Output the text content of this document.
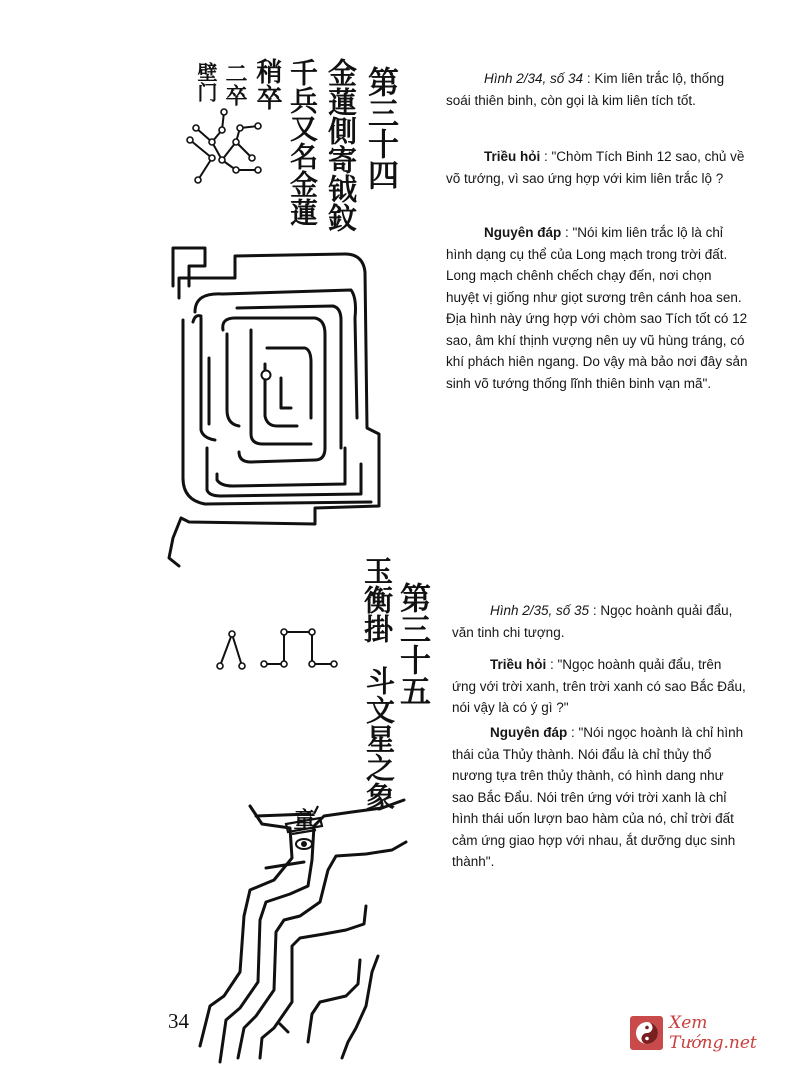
第三十四
金蓮側寄钺鈫
千兵又名金蓮
稍卒
二卒
壁门	Hình 2/34, số 34 : Kim liên trắc lộ, thống soái thiên binh, còn gọi là kim liên tích tốt.

Triều hỏi : "Chòm Tích Binh 12 sao, chủ về võ tướng, vì sao ứng hợp với kim liên trắc lộ ?

Nguyên đáp : "Nói kim liên trắc lộ là chỉ hình dạng cụ thể của Long mạch trong trời đất. Long mạch chênh chếch chạy đến, nơi chọn huyệt vị giống như giọt sương trên cánh hoa sen. Địa hình này ứng hợp với chòm sao Tích tốt có 12 sao, âm khí thịnh vượng nên uy vũ hùng tráng, có khí phách hiên ngang. Do vậy mà bảo nơi đây sản sinh võ tướng thống lĩnh thiên binh vạn mã".

第三十五
玉衡掛
斗文星之象
童

Hình 2/35, số 35 : Ngọc hoành quải đẩu, văn tinh chi tượng.

Triều hỏi : "Ngọc hoành quải đẩu, trên ứng với trời xanh, trên trời xanh có sao Bắc Đẩu, nói vậy là có ý gì ?"

Nguyên đáp : "Nói ngọc hoành là chỉ hình thái của Thủy thành. Nói đẩu là chỉ thủy thổ nương tựa trên thủy thành, có hình dang như sao Bắc Đẩu. Nói trên ứng với trời xanh là chỉ hình thái uốn lượn bao hàm của nó, chỉ trời đất cảm ứng giao hợp với nhau, ắt dưỡng dục sinh thành".

34	Xem Tướng.net
